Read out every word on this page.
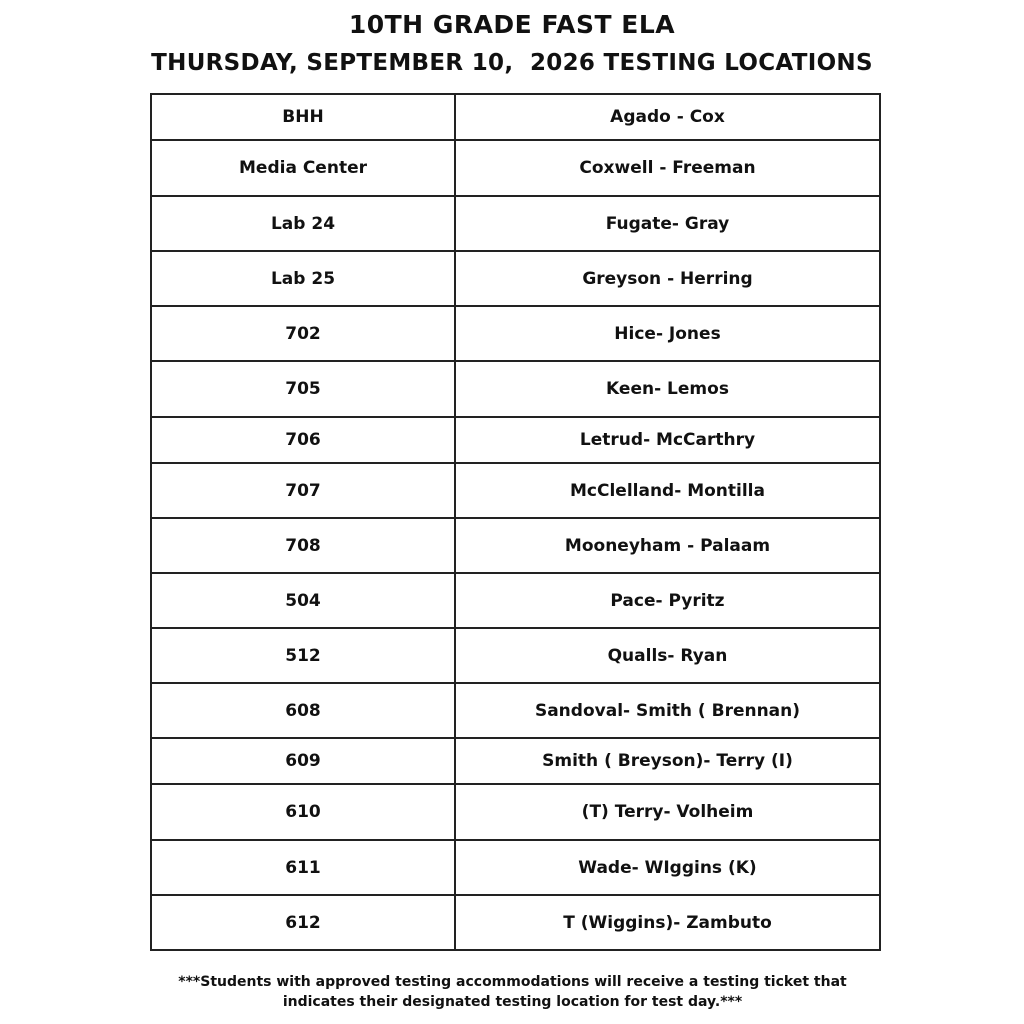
10TH GRADE FAST ELA
THURSDAY, SEPTEMBER 10,  2026 TESTING LOCATIONS
BHH	Agado - Cox
Media Center	Coxwell - Freeman
Lab 24	Fugate- Gray
Lab 25	Greyson - Herring
702	Hice- Jones
705	Keen- Lemos
706	Letrud- McCarthry
707	McClelland- Montilla
708	Mooneyham - Palaam
504	Pace- Pyritz
512	Qualls- Ryan
608	Sandoval- Smith ( Brennan)
609	Smith ( Breyson)- Terry (I)
610	(T) Terry- Volheim
611	Wade- WIggins (K)
612	T (Wiggins)- Zambuto
***Students with approved testing accommodations will receive a testing ticket that
indicates their designated testing location for test day.***
